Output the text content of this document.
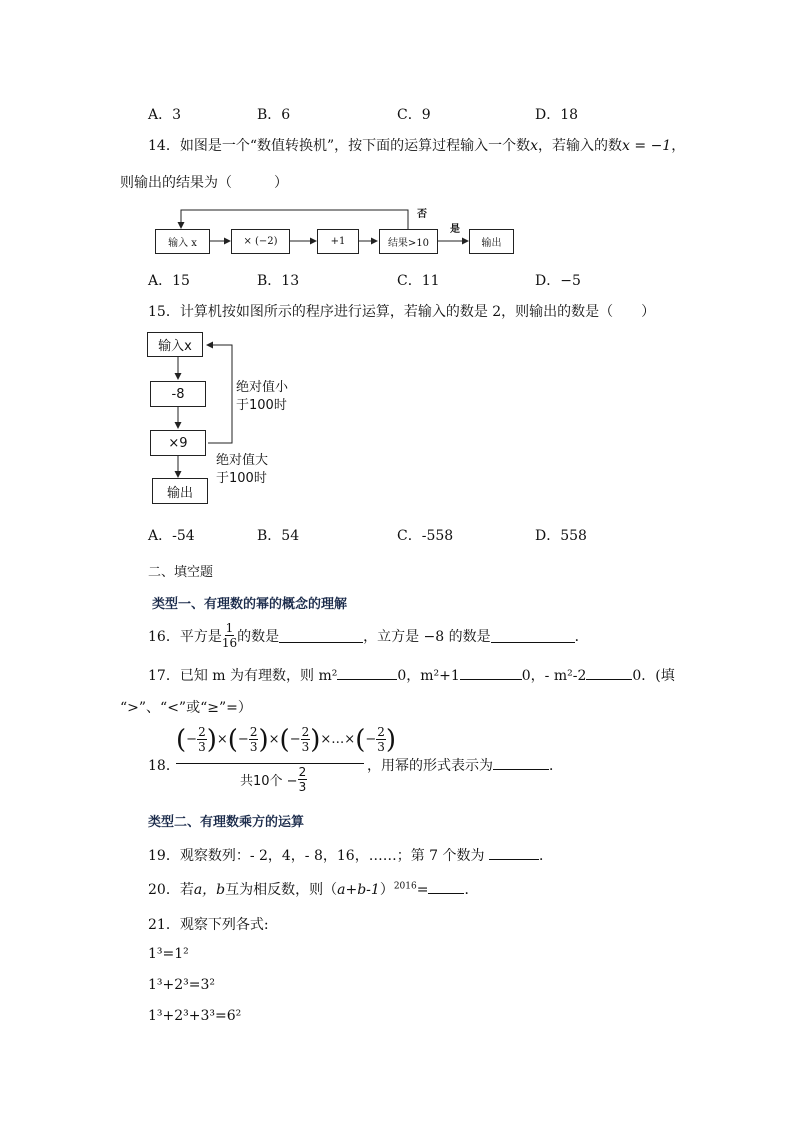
A．3	B．6	C．9	D．18
14．如图是一个“数值转换机”，按下面的运算过程输入一个数x，若输入的数x = −1，
则输出的结果为（　　　）
输入 x	× (−2)	+1	结果>10	输出
否
是
A．15	B．13	C．11	D．−5
15．计算机按如图所示的程序进行运算，若输入的数是 2，则输出的数是（　　）
输入x
-8
×9
输出
绝对值小
于100时
绝对值大
于100时
A．-54	B．54	C．-558	D．558
二、填空题
类型一、有理数的幂的概念的理解
16．平方是 $\frac{1}{16}$ 的数是	，立方是 −8 的数是	．
17．已知 m 为有理数，则 m²	0，m²+1	0，- m²-2	0．(填
“>”、“<”或“≥”=）
18．
( − $\frac{2}{3}$ ) × ( − $\frac{2}{3}$ ) × ( − $\frac{2}{3}$ ) ×…× ( − $\frac{2}{3}$ )
共10个 − $\frac{2}{3}$	，用幂的形式表示为	．
类型二、有理数乘方的运算
19．观察数列：- 2，4，- 8，16，……；第 7 个数为	．
20．若a，b互为相反数，则$(a+b-1)^{2016}=$	．
21．观察下列各式:
1³=1²
1³+2³=3²
1³+2³+3³=6²
